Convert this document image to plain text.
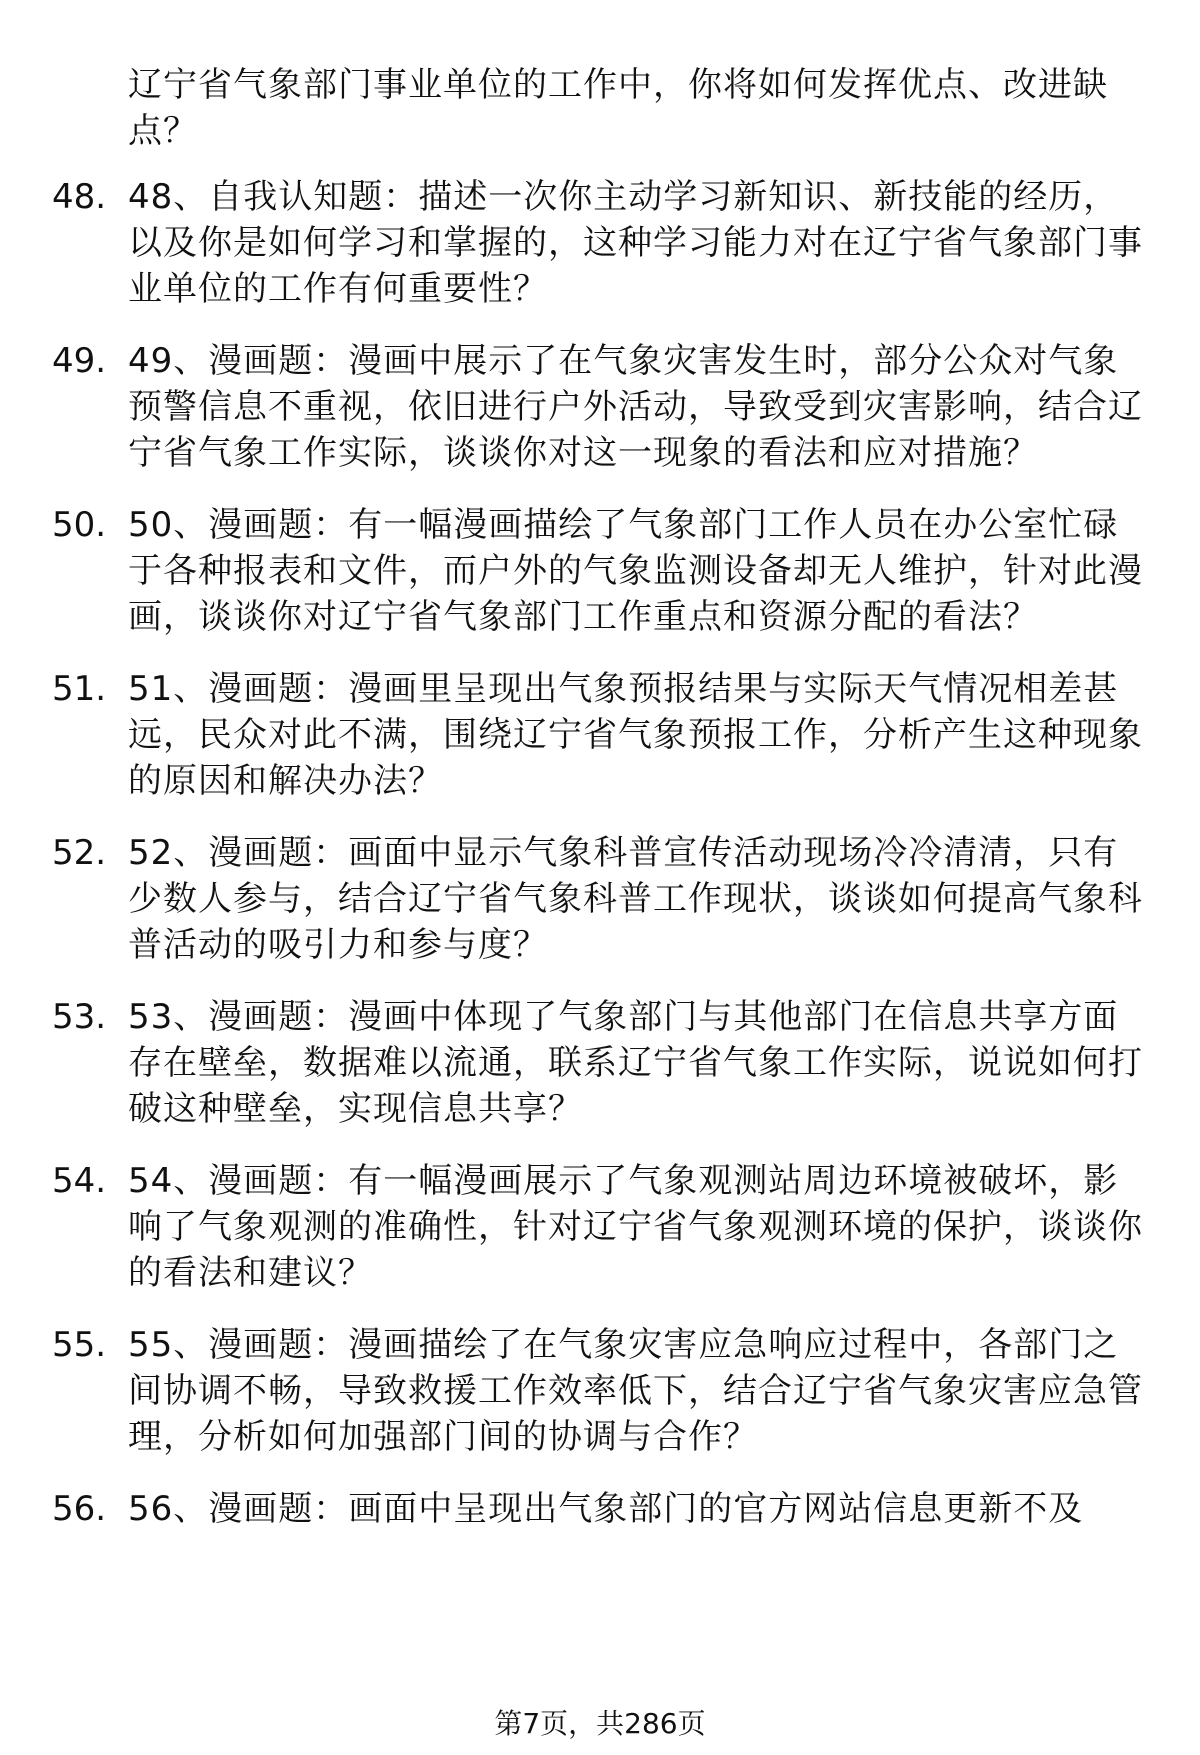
辽宁省气象部门事业单位的工作中，你将如何发挥优点、改进缺点？
48. 48、自我认知题：描述一次你主动学习新知识、新技能的经历，以及你是如何学习和掌握的，这种学习能力对在辽宁省气象部门事业单位的工作有何重要性？
49. 49、漫画题：漫画中展示了在气象灾害发生时，部分公众对气象预警信息不重视，依旧进行户外活动，导致受到灾害影响，结合辽宁省气象工作实际，谈谈你对这一现象的看法和应对措施？
50. 50、漫画题：有一幅漫画描绘了气象部门工作人员在办公室忙碌于各种报表和文件，而户外的气象监测设备却无人维护，针对此漫画，谈谈你对辽宁省气象部门工作重点和资源分配的看法？
51. 51、漫画题：漫画里呈现出气象预报结果与实际天气情况相差甚远，民众对此不满，围绕辽宁省气象预报工作，分析产生这种现象的原因和解决办法？
52. 52、漫画题：画面中显示气象科普宣传活动现场冷冷清清，只有少数人参与，结合辽宁省气象科普工作现状，谈谈如何提高气象科普活动的吸引力和参与度？
53. 53、漫画题：漫画中体现了气象部门与其他部门在信息共享方面存在壁垒，数据难以流通，联系辽宁省气象工作实际，说说如何打破这种壁垒，实现信息共享？
54. 54、漫画题：有一幅漫画展示了气象观测站周边环境被破坏，影响了气象观测的准确性，针对辽宁省气象观测环境的保护，谈谈你的看法和建议？
55. 55、漫画题：漫画描绘了在气象灾害应急响应过程中，各部门之间协调不畅，导致救援工作效率低下，结合辽宁省气象灾害应急管理，分析如何加强部门间的协调与合作？
56. 56、漫画题：画面中呈现出气象部门的官方网站信息更新不及
第7页，共286页
